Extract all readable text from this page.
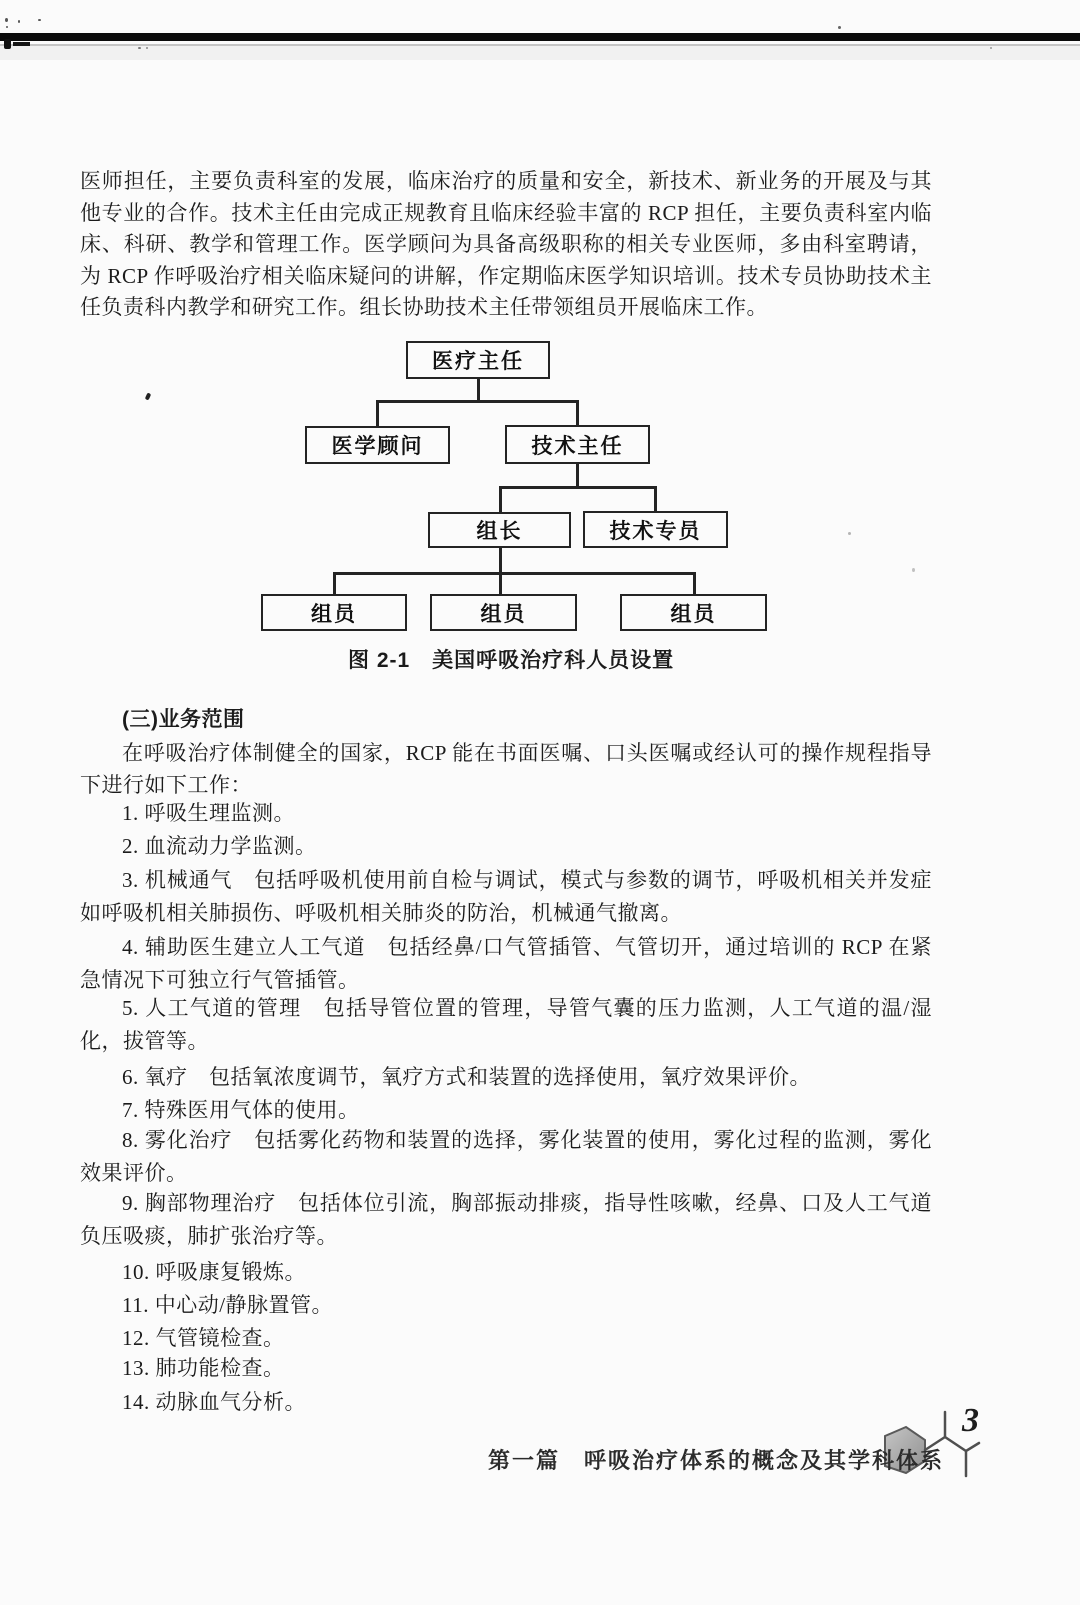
医师担任，主要负责科室的发展，临床治疗的质量和安全，新技术、新业务的开展及与其他专业的合作。技术主任由完成正规教育且临床经验丰富的 RCP 担任，主要负责科室内临床、科研、教学和管理工作。医学顾问为具备高级职称的相关专业医师，多由科室聘请，为 RCP 作呼吸治疗相关临床疑问的讲解，作定期临床医学知识培训。技术专员协助技术主任负责科内教学和研究工作。组长协助技术主任带领组员开展临床工作。
医疗主任
医学顾问	技术主任
组长	技术专员
组员	组员	组员
图 2-1　美国呼吸治疗科人员设置
(三)业务范围
在呼吸治疗体制健全的国家，RCP 能在书面医嘱、口头医嘱或经认可的操作规程指导下进行如下工作：

1. 呼吸生理监测。

2. 血流动力学监测。

3. 机械通气　包括呼吸机使用前自检与调试，模式与参数的调节，呼吸机相关并发症如呼吸机相关肺损伤、呼吸机相关肺炎的防治，机械通气撤离。

4. 辅助医生建立人工气道　包括经鼻/口气管插管、气管切开，通过培训的 RCP 在紧急情况下可独立行气管插管。

5. 人工气道的管理　包括导管位置的管理，导管气囊的压力监测，人工气道的温/湿化，拔管等。

6. 氧疗　包括氧浓度调节，氧疗方式和装置的选择使用，氧疗效果评价。

7. 特殊医用气体的使用。

8. 雾化治疗　包括雾化药物和装置的选择，雾化装置的使用，雾化过程的监测，雾化效果评价。

9. 胸部物理治疗　包括体位引流，胸部振动排痰，指导性咳嗽，经鼻、口及人工气道负压吸痰，肺扩张治疗等。

10. 呼吸康复锻炼。

11. 中心动/静脉置管。

12. 气管镜检查。

13. 肺功能检查。

14. 动脉血气分析。

第一篇 呼吸治疗体系的概念及其学科体系
3
